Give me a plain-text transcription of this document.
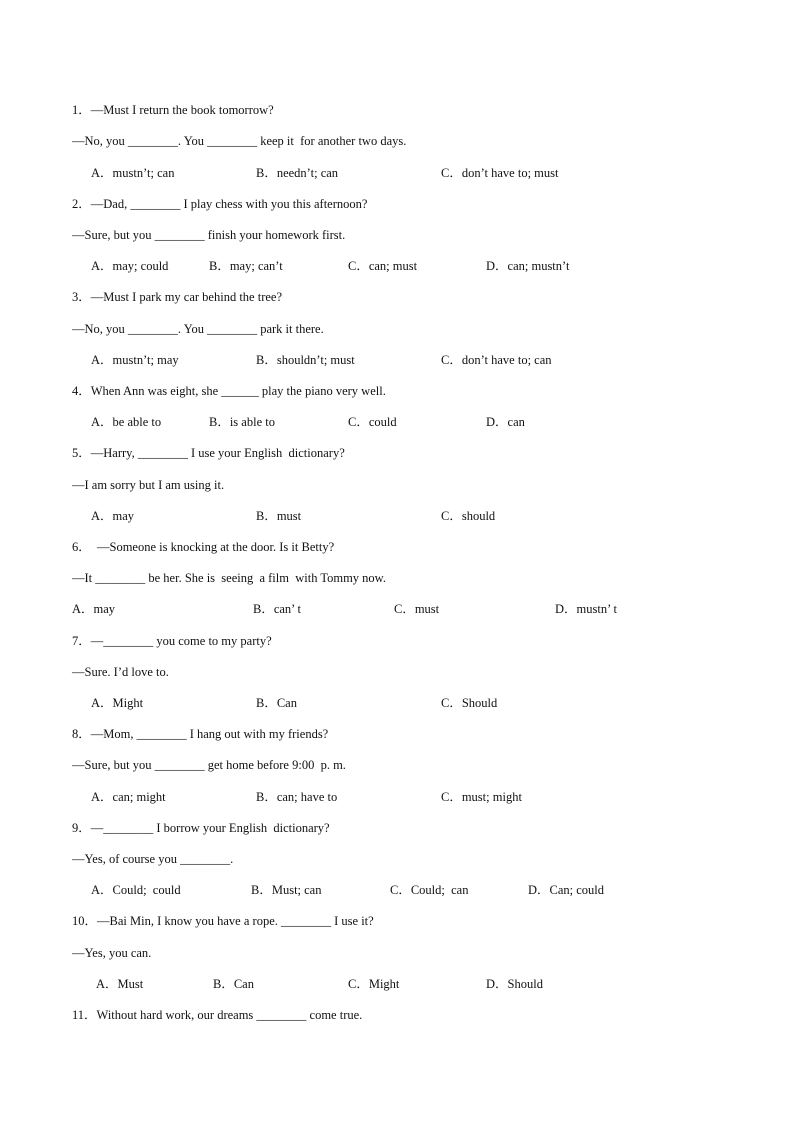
1．—Must I return the book tomorrow?
—No, you ________. You ________ keep it  for another two days.
A．mustn’t; can	B．needn’t; can	C．don’t have to; must
2．—Dad, ________ I play chess with you this afternoon?
—Sure, but you ________ finish your homework first.
A．may; could	B．may; can’t	C．can; must	D．can; mustn’t
3．—Must I park my car behind the tree?
—No, you ________. You ________ park it there.
A．mustn’t; may	B．shouldn’t; must	C．don’t have to; can
4．When Ann was eight, she ______ play the piano very well.
A．be able to	B．is able to	C．could	D．can
5．—Harry, ________ I use your English  dictionary?
—I am sorry but I am using it.
A．may	B．must	C．should
6．  —Someone is knocking at the door. Is it Betty?
—It ________ be her. She is  seeing  a film  with Tommy now.
A．may	B．can’ t	C．must	D．mustn’ t
7．—________ you come to my party?
—Sure. I’d love to.
A．Might	B．Can	C．Should
8．—Mom, ________ I hang out with my friends?
—Sure, but you ________ get home before 9:00  p. m.
A．can; might	B．can; have to	C．must; might
9．—________ I borrow your English  dictionary?
—Yes, of course you ________.
A．Could;  could	B．Must; can	C．Could;  can	D．Can; could
10．—Bai Min, I know you have a rope. ________ I use it?
—Yes, you can.
A．Must	B．Can	C．Might	D．Should
11．Without hard work, our dreams ________ come true.
